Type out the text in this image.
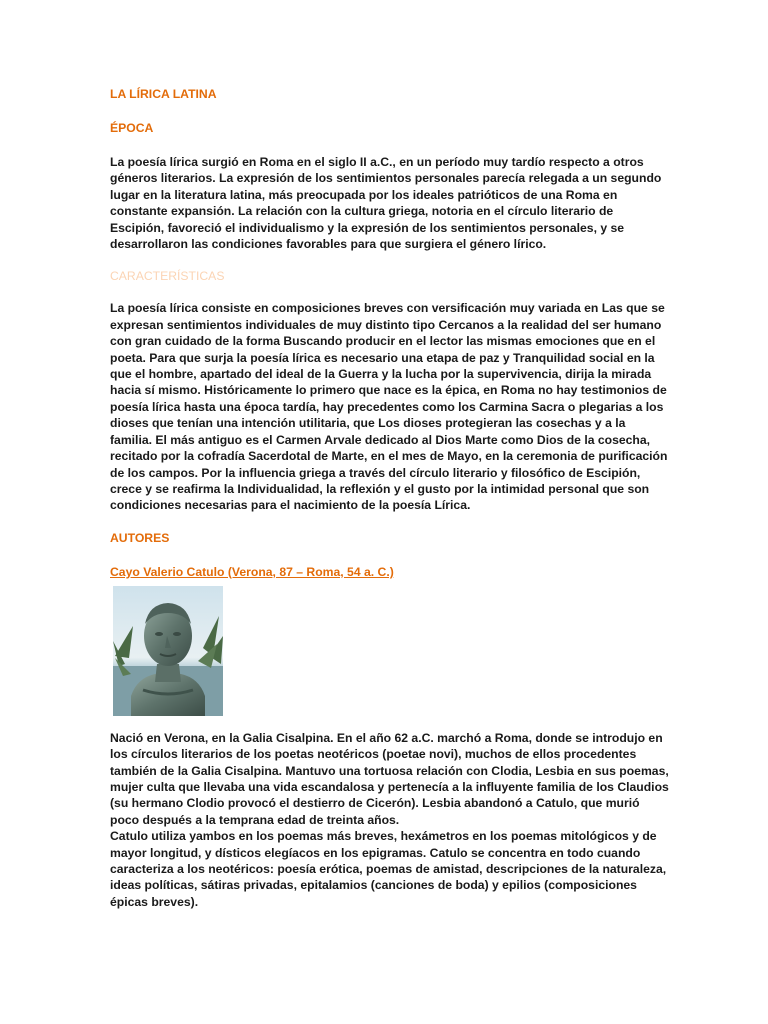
LA LÍRICA LATINA

ÉPOCA

La poesía lírica surgió en Roma en el siglo II a.C., en un período muy tardío respecto a otros géneros literarios. La expresión de los sentimientos personales parecía relegada a un segundo lugar en la literatura latina, más preocupada por los ideales patrióticos de una Roma en constante expansión. La relación con la cultura griega, notoria en el círculo literario de Escipión, favoreció el individualismo y la expresión de los sentimientos personales, y se desarrollaron las condiciones favorables para que surgiera el género lírico.

CARACTERÍSTICAS

La poesía lírica consiste en composiciones breves con versificación muy variada en Las que se expresan sentimientos individuales de muy distinto tipo Cercanos a la realidad del ser humano con gran cuidado de la forma Buscando producir en el lector las mismas emociones que en el poeta. Para que surja la poesía lírica es necesario una etapa de paz y Tranquilidad social en la que el hombre, apartado del ideal de la Guerra y la lucha por la supervivencia, dirija la mirada hacia sí mismo. Históricamente lo primero que nace es la épica, en Roma no hay testimonios de poesía lírica hasta una época tardía, hay precedentes como los Carmina Sacra o plegarias a los dioses que tenían una intención utilitaria, que Los dioses protegieran las cosechas y a la familia. El más antiguo es el Carmen Arvale dedicado al Dios Marte como Dios de la cosecha, recitado por la cofradía Sacerdotal de Marte, en el mes de Mayo, en la ceremonia de purificación de los campos. Por la influencia griega a través del círculo literario y filosófico de Escipión, crece y se reafirma la Individualidad, la reflexión y el gusto por la intimidad personal que son condiciones necesarias para el nacimiento de la poesía Lírica.

AUTORES

Cayo Valerio Catulo (Verona, 87 – Roma, 54 a. C.)

Nació en Verona, en la Galia Cisalpina. En el año 62 a.C. marchó a Roma, donde se introdujo en los círculos literarios de los poetas neotéricos (poetae novi), muchos de ellos procedentes también de la Galia Cisalpina. Mantuvo una tortuosa relación con Clodia, Lesbia en sus poemas, mujer culta que llevaba una vida escandalosa y pertenecía a la influyente familia de los Claudios (su hermano Clodio provocó el destierro de Cicerón). Lesbia abandonó a Catulo, que murió poco después a la temprana edad de treinta años.

Catulo utiliza yambos en los poemas más breves, hexámetros en los poemas mitológicos y de mayor longitud, y dísticos elegíacos en los epigramas. Catulo se concentra en todo cuando caracteriza a los neotéricos: poesía erótica, poemas de amistad, descripciones de la naturaleza, ideas políticas, sátiras privadas, epitalamios (canciones de boda) y epilios (composiciones épicas breves).
